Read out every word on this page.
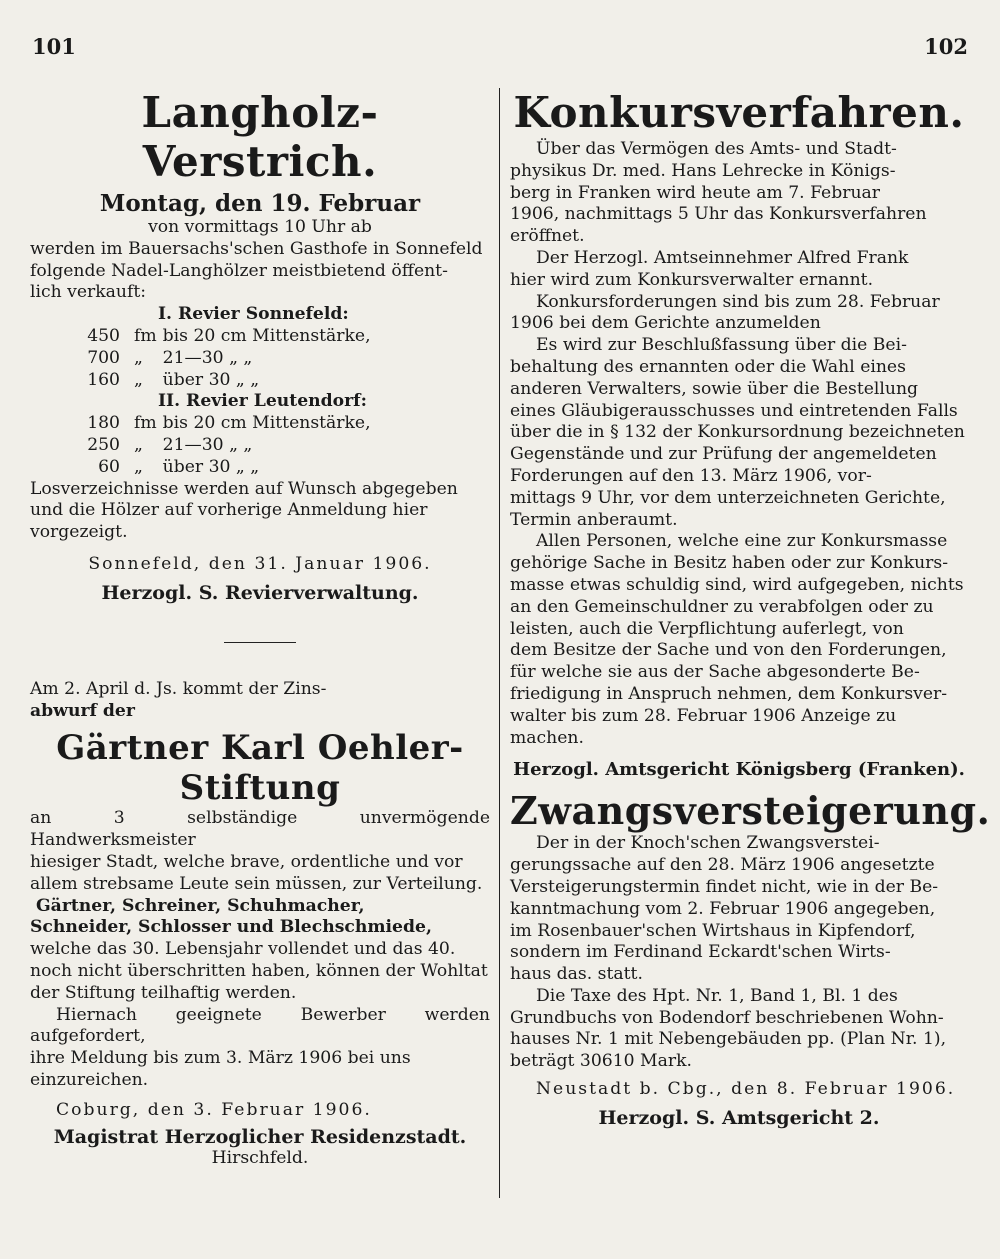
101	102
Langholz-Verstrich.
Montag, den 19. Februar

von vormittags 10 Uhr ab

werden im Bauersachs'schen Gasthofe in Sonnefeld

folgende Nadel-Langhölzer meistbietend öffent-

lich verkauft:

I. Revier Sonnefeld:
450	fm	bis 20 cm Mittenstärke,
700	„	21—30 „ „
160	„	über 30 „ „
II. Revier Leutendorf:
180	fm	bis 20 cm Mittenstärke,
250	„	21—30 „ „
60	„	über 30 „ „

Losverzeichnisse werden auf Wunsch abgegeben

und die Hölzer auf vorherige Anmeldung hier

vorgezeigt.

Sonnefeld, den 31. Januar 1906.

Herzogl. S. Revierverwaltung.

Am 2. April d. Js. kommt der Zins-

abwurf der

Gärtner Karl Oehler-Stiftung

an 3 selbständige unvermögende Handwerksmeister

hiesiger Stadt, welche brave, ordentliche und vor

allem strebsame Leute sein müssen, zur Verteilung.

Gärtner, Schreiner, Schuhmacher,

Schneider, Schlosser und Blechschmiede,

welche das 30. Lebensjahr vollendet und das 40.

noch nicht überschritten haben, können der Wohltat

der Stiftung teilhaftig werden.

Hiernach geeignete Bewerber werden aufgefordert,

ihre Meldung bis zum 3. März 1906 bei uns

einzureichen.

Coburg, den 3. Februar 1906.

Magistrat Herzoglicher Residenzstadt.

Hirschfeld.

Konkursverfahren.

Über das Vermögen des Amts- und Stadt-

physikus Dr. med. Hans Lehrecke in Königs-

berg in Franken wird heute am 7. Februar

1906, nachmittags 5 Uhr das Konkursverfahren

eröffnet.

Der Herzogl. Amtseinnehmer Alfred Frank

hier wird zum Konkursverwalter ernannt.

Konkursforderungen sind bis zum 28. Februar

1906 bei dem Gerichte anzumelden

Es wird zur Beschlußfassung über die Bei-

behaltung des ernannten oder die Wahl eines

anderen Verwalters, sowie über die Bestellung

eines Gläubigerausschusses und eintretenden Falls

über die in § 132 der Konkursordnung bezeichneten

Gegenstände und zur Prüfung der angemeldeten

Forderungen auf den 13. März 1906, vor-

mittags 9 Uhr, vor dem unterzeichneten Gerichte,

Termin anberaumt.

Allen Personen, welche eine zur Konkursmasse

gehörige Sache in Besitz haben oder zur Konkurs-

masse etwas schuldig sind, wird aufgegeben, nichts

an den Gemeinschuldner zu verabfolgen oder zu

leisten, auch die Verpflichtung auferlegt, von

dem Besitze der Sache und von den Forderungen,

für welche sie aus der Sache abgesonderte Be-

friedigung in Anspruch nehmen, dem Konkursver-

walter bis zum 28. Februar 1906 Anzeige zu

machen.

Herzogl. Amtsgericht Königsberg (Franken).

Zwangsversteigerung.

Der in der Knoch'schen Zwangsverstei-

gerungssache auf den 28. März 1906 angesetzte

Versteigerungstermin findet nicht, wie in der Be-

kanntmachung vom 2. Februar 1906 angegeben,

im Rosenbauer'schen Wirtshaus in Kipfendorf,

sondern im Ferdinand Eckardt'schen Wirts-

haus das. statt.

Die Taxe des Hpt. Nr. 1, Band 1, Bl. 1 des

Grundbuchs von Bodendorf beschriebenen Wohn-

hauses Nr. 1 mit Nebengebäuden pp. (Plan Nr. 1),

beträgt 30610 Mark.

Neustadt b. Cbg., den 8. Februar 1906.

Herzogl. S. Amtsgericht 2.
